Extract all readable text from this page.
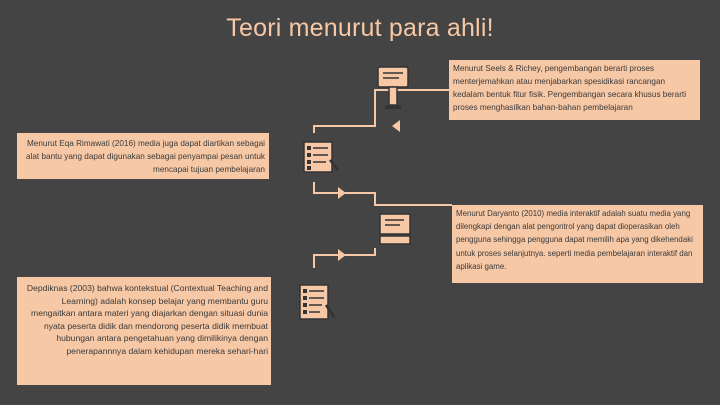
Teori menurut para ahli!
Menurut Seels & Richey, pengembangan berarti proses menterjemahkan atau menjabarkan spesidikasi rancangan kedalam bentuk fitur fisik. Pengembangan secara khusus berarti proses menghasilkan bahan-bahan pembelajaran
Menurut Eqa Rimawati (2016) media juga dapat diartikan sebagai alat bantu yang dapat digunakan sebagai penyampai pesan untuk mencapai tujuan pembelajaran
Menurut Daryanto (2010) media interaktif adalah suatu media yang dilengkapi dengan alat pengontrol yang dapat dioperasikan oleh pengguna sehingga pengguna dapat memilih apa yang dikehendaki untuk proses selanjutnya. seperti media pembelajaran interaktif dan aplikasi game.
Depdiknas (2003) bahwa kontekstual (Contextual Teaching and Learning) adalah konsep belajar yang membantu guru mengaitkan antara materi yang diajarkan dengan situasi dunia nyata peserta didik dan mendorong peserta didik membuat hubungan antara pengetahuan yang dimilikinya dengan penerapannnya dalam kehidupan mereka sehari-hari
